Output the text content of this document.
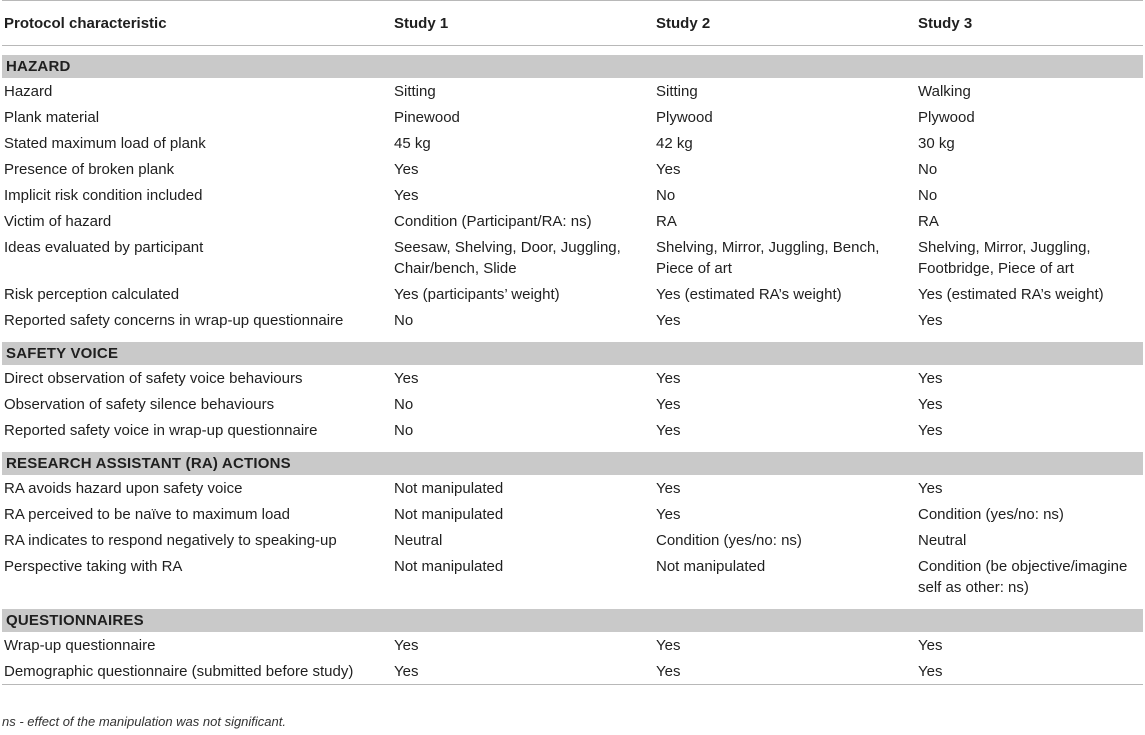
Protocol characteristic	Study 1	Study 2	Study 3

HAZARD			
Hazard	Sitting	Sitting	Walking
Plank material	Pinewood	Plywood	Plywood
Stated maximum load of plank	45 kg	42 kg	30 kg
Presence of broken plank	Yes	Yes	No
Implicit risk condition included	Yes	No	No
Victim of hazard	Condition (Participant/RA: ns)	RA	RA
Ideas evaluated by participant	Seesaw, Shelving, Door, Juggling, Chair/bench, Slide	Shelving, Mirror, Juggling, Bench, Piece of art	Shelving, Mirror, Juggling, Footbridge, Piece of art
Risk perception calculated	Yes (participants’ weight)	Yes (estimated RA’s weight)	Yes (estimated RA’s weight)
Reported safety concerns in wrap-up questionnaire	No	Yes	Yes

SAFETY VOICE			
Direct observation of safety voice behaviours	Yes	Yes	Yes
Observation of safety silence behaviours	No	Yes	Yes
Reported safety voice in wrap-up questionnaire	No	Yes	Yes

RESEARCH ASSISTANT (RA) ACTIONS			
RA avoids hazard upon safety voice	Not manipulated	Yes	Yes
RA perceived to be naïve to maximum load	Not manipulated	Yes	Condition (yes/no: ns)
RA indicates to respond negatively to speaking-up	Neutral	Condition (yes/no: ns)	Neutral
Perspective taking with RA	Not manipulated	Not manipulated	Condition (be objective/imagine self as other: ns)

QUESTIONNAIRES			
Wrap-up questionnaire	Yes	Yes	Yes
Demographic questionnaire (submitted before study)	Yes	Yes	Yes
ns - effect of the manipulation was not significant.
